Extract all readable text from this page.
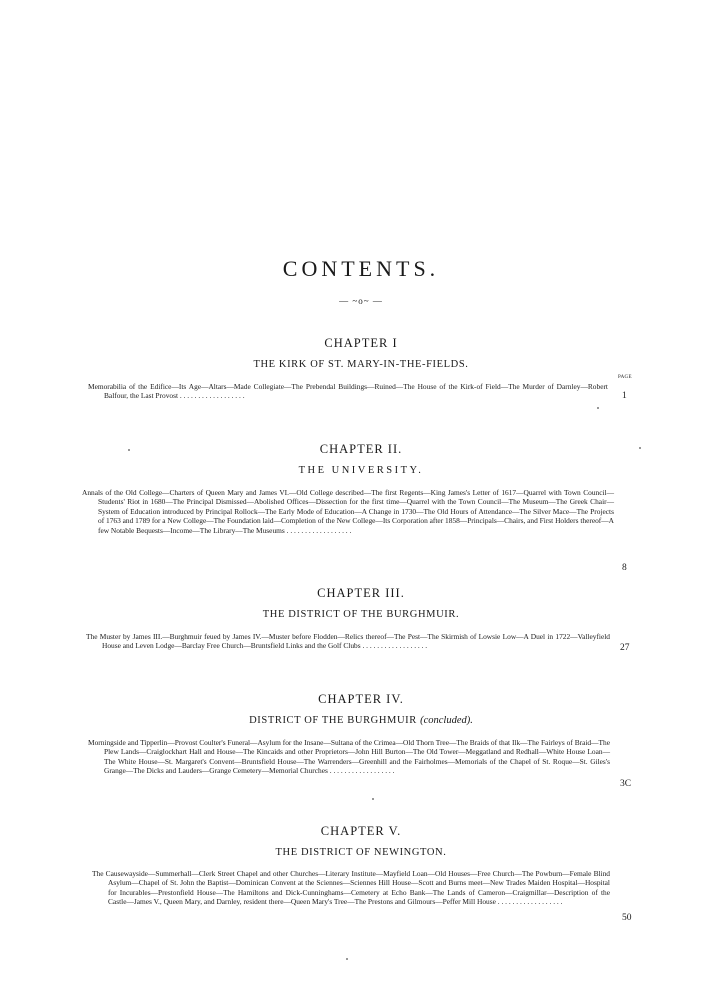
CONTENTS.
— ~o~ —
CHAPTER I
THE KIRK OF ST. MARY-IN-THE-FIELDS.
PAGE
Memorabilia of the Edifice—Its Age—Altars—Made Collegiate—The Prebendal Buildings—Ruined—The House of the Kirk-of Field—The Murder of Darnley—Robert Balfour, the Last Provost . . . . . . . . . . . . . . . . . .	1
CHAPTER II.
THE UNIVERSITY.
Annals of the Old College—Charters of Queen Mary and James VI.—Old College described—The first Regents—King James's Letter of 1617—Quarrel with Town Council—Students' Riot in 1680—The Principal Dismissed—Abolished Offices—Dissection for the first time—Quarrel with the Town Council—The Museum—The Greek Chair—System of Education introduced by Principal Rollock—The Early Mode of Education—A Change in 1730—The Old Hours of Attendance—The Silver Mace—The Projects of 1763 and 1789 for a New College—The Foundation laid—Completion of the New College—Its Corporation after 1858—Principals—Chairs, and First Holders thereof—A few Notable Bequests—Income—The Library—The Museums . . . . . . . . . . . . . . . . . .
8
CHAPTER III.
THE DISTRICT OF THE BURGHMUIR.
The Muster by James III.—Burghmuir feued by James IV.—Muster before Flodden—Relics thereof—The Pest—The Skirmish of Lowsie Low—A Duel in 1722—Valleyfield House and Leven Lodge—Barclay Free Church—Bruntsfield Links and the Golf Clubs . . . . . . . . . . . . . . . . . .	27
CHAPTER IV.
DISTRICT OF THE BURGHMUIR (concluded).
Morningside and Tipperlin—Provost Coulter's Funeral—Asylum for the Insane—Sultana of the Crimea—Old Thorn Tree—The Braids of that Ilk—The Fairleys of Braid—The Plew Lands—Craiglockhart Hall and House—The Kincaids and other Proprietors—John Hill Burton—The Old Tower—Meggatland and Redhall—White House Loan—The White House—St. Margaret's Convent—Bruntsfield House—The Warrenders—Greenhill and the Fairholmes—Memorials of the Chapel of St. Roque—St. Giles's Grange—The Dicks and Lauders—Grange Cemetery—Memorial Churches . . . . . . . . . . . . . . . . . .
3C
CHAPTER V.
THE DISTRICT OF NEWINGTON.
The Causewayside—Summerhall—Clerk Street Chapel and other Churches—Literary Institute—Mayfield Loan—Old Houses—Free Church—The Powburn—Female Blind Asylum—Chapel of St. John the Baptist—Dominican Convent at the Sciennes—Sciennes Hill House—Scott and Burns meet—New Trades Maiden Hospital—Hospital for Incurables—Prestonfield House—The Hamiltons and Dick-Cunninghams—Cemetery at Echo Bank—The Lands of Cameron—Craigmillar—Description of the Castle—James V., Queen Mary, and Darnley, resident there—Queen Mary's Tree—The Prestons and Gilmours—Peffer Mill House . . . . . . . . . . . . . . . . . .
50
